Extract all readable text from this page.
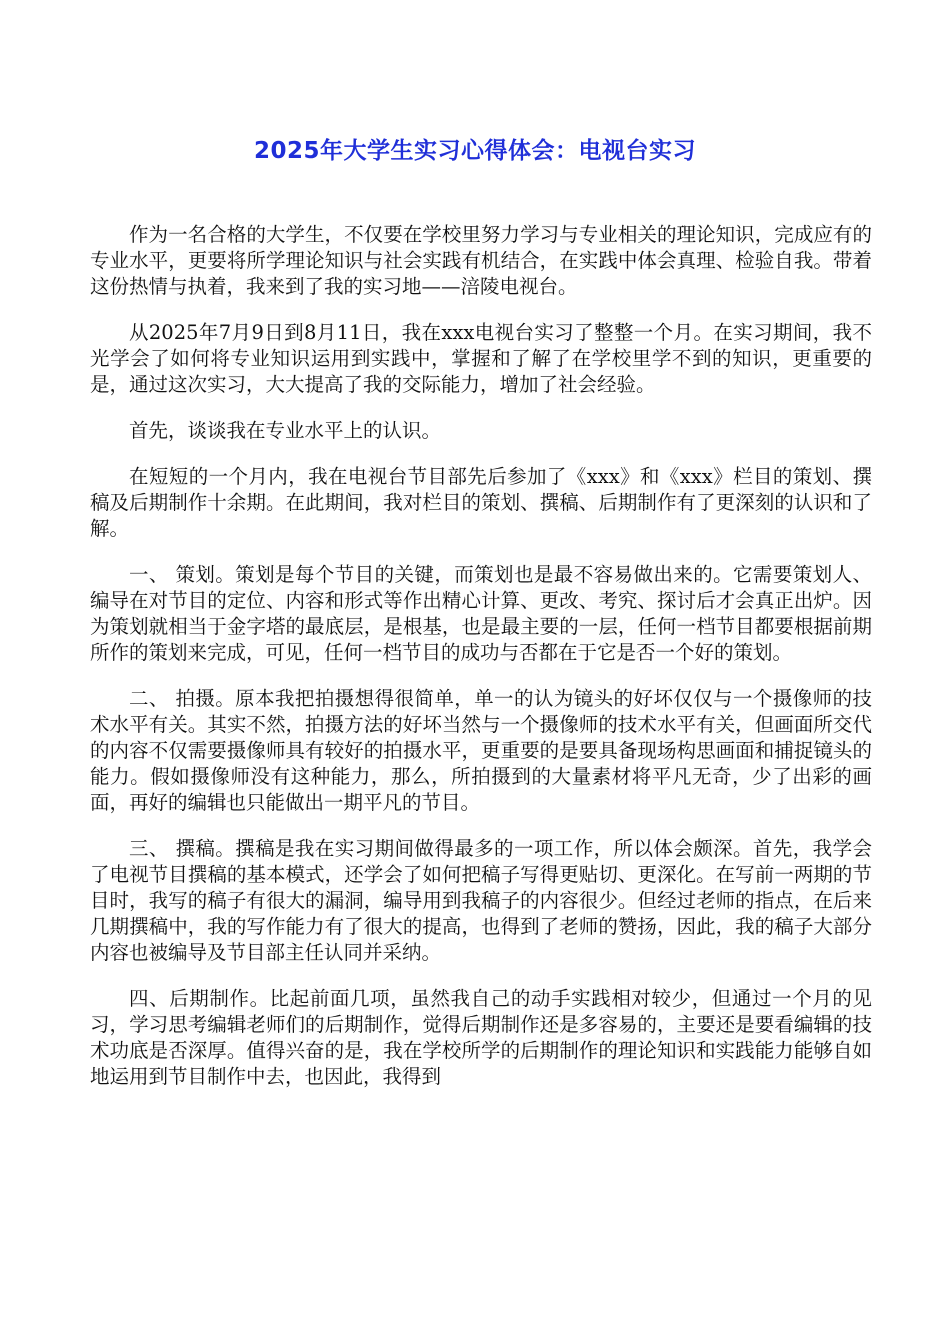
2025年大学生实习心得体会：电视台实习

作为一名合格的大学生，不仅要在学校里努力学习与专业相关的理论知识，完成应有的专业水平，更要将所学理论知识与社会实践有机结合，在实践中体会真理、检验自我。带着这份热情与执着，我来到了我的实习地——涪陵电视台。

从2025年7月9日到8月11日，我在xxx电视台实习了整整一个月。在实习期间，我不光学会了如何将专业知识运用到实践中，掌握和了解了在学校里学不到的知识，更重要的是，通过这次实习，大大提高了我的交际能力，增加了社会经验。

首先，谈谈我在专业水平上的认识。

在短短的一个月内，我在电视台节目部先后参加了《xxx》和《xxx》栏目的策划、撰稿及后期制作十余期。在此期间，我对栏目的策划、撰稿、后期制作有了更深刻的认识和了解。

一、 策划。策划是每个节目的关键，而策划也是最不容易做出来的。它需要策划人、编导在对节目的定位、内容和形式等作出精心计算、更改、考究、探讨后才会真正出炉。因为策划就相当于金字塔的最底层，是根基，也是最主要的一层，任何一档节目都要根据前期所作的策划来完成，可见，任何一档节目的成功与否都在于它是否一个好的策划。

二、 拍摄。原本我把拍摄想得很简单，单一的认为镜头的好坏仅仅与一个摄像师的技术水平有关。其实不然，拍摄方法的好坏当然与一个摄像师的技术水平有关，但画面所交代的内容不仅需要摄像师具有较好的拍摄水平，更重要的是要具备现场构思画面和捕捉镜头的能力。假如摄像师没有这种能力，那么，所拍摄到的大量素材将平凡无奇，少了出彩的画面，再好的编辑也只能做出一期平凡的节目。

三、 撰稿。撰稿是我在实习期间做得最多的一项工作，所以体会颇深。首先，我学会了电视节目撰稿的基本模式，还学会了如何把稿子写得更贴切、更深化。在写前一两期的节目时，我写的稿子有很大的漏洞，编导用到我稿子的内容很少。但经过老师的指点，在后来几期撰稿中，我的写作能力有了很大的提高，也得到了老师的赞扬，因此，我的稿子大部分内容也被编导及节目部主任认同并采纳。

四、后期制作。比起前面几项，虽然我自己的动手实践相对较少，但通过一个月的见习，学习思考编辑老师们的后期制作，觉得后期制作还是多容易的，主要还是要看编辑的技术功底是否深厚。值得兴奋的是，我在学校所学的后期制作的理论知识和实践能力能够自如地运用到节目制作中去，也因此，我得到
